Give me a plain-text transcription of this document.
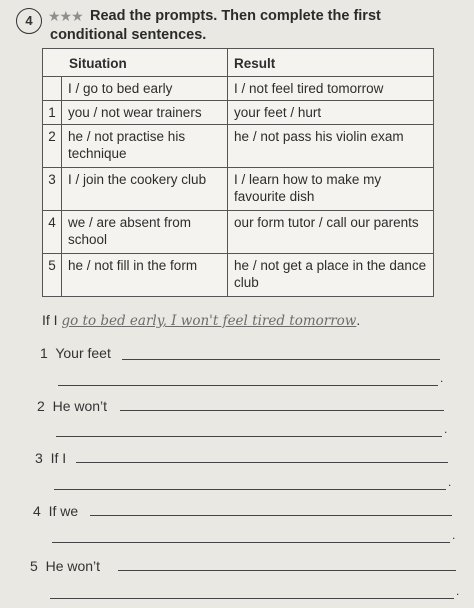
4	★★★ Read the prompts. Then complete the first
conditional sentences.
Situation		Result
	I / go to bed early	I / not feel tired tomorrow
1	you / not wear trainers	your feet / hurt
2	he / not practise his technique	he / not pass his violin exam
3	I / join the cookery club	I / learn how to make my favourite dish
4	we / are absent from school	our form tutor / call our parents
5	he / not fill in the form	he / not get a place in the dance club
If I go to bed early, I won't feel tired tomorrow.
1 Your feet
.
2 He won’t
.
3 If I
.
4 If we
.
5 He won’t
.
